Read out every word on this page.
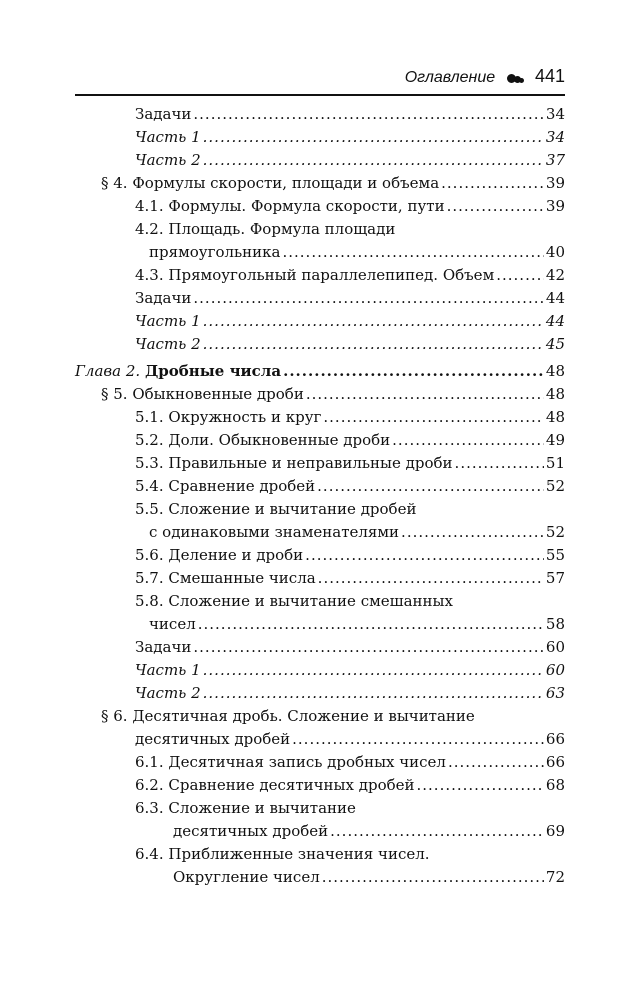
Оглавление 441
Задачи .....	34
Часть 1 .....	34
Часть 2 .....	37
§ 4. Формулы скорости, площади и объема .....	39
4.1. Формулы. Формула скорости, пути .....	39
4.2. Площадь. Формула площади
прямоугольника .....	40
4.3. Прямоугольный параллелепипед. Объем .....	42
Задачи .....	44
Часть 1 .....	44
Часть 2 .....	45
Глава 2. Дробные числа .....	48
§ 5. Обыкновенные дроби .....	48
5.1. Окружность и круг .....	48
5.2. Доли. Обыкновенные дроби .....	49
5.3. Правильные и неправильные дроби .....	51
5.4. Сравнение дробей .....	52
5.5. Сложение и вычитание дробей
с одинаковыми знаменателями .....	52
5.6. Деление и дроби .....	55
5.7. Смешанные числа .....	57
5.8. Сложение и вычитание смешанных
чисел .....	58
Задачи .....	60
Часть 1 .....	60
Часть 2 .....	63
§ 6. Десятичная дробь. Сложение и вычитание
десятичных дробей .....	66
6.1. Десятичная запись дробных чисел .....	66
6.2. Сравнение десятичных дробей .....	68
6.3. Сложение и вычитание
десятичных дробей .....	69
6.4. Приближенные значения чисел.
Округление чисел .....	72
